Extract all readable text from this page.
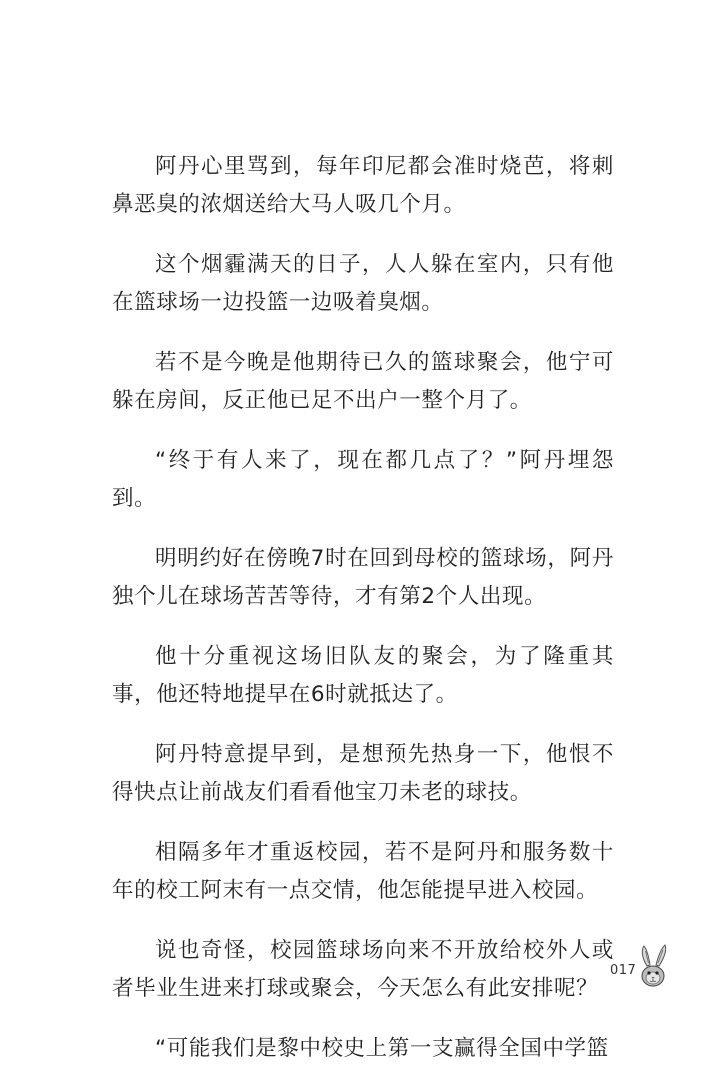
阿丹心里骂到，每年印尼都会准时烧芭，将刺鼻恶臭的浓烟送给大马人吸几个月。

这个烟霾满天的日子，人人躲在室内，只有他在篮球场一边投篮一边吸着臭烟。

若不是今晚是他期待已久的篮球聚会，他宁可躲在房间，反正他已足不出户一整个月了。

“终于有人来了，现在都几点了？”阿丹埋怨到。

明明约好在傍晚7时在回到母校的篮球场，阿丹独个儿在球场苦苦等待，才有第2个人出现。

他十分重视这场旧队友的聚会，为了隆重其事，他还特地提早在6时就抵达了。

阿丹特意提早到，是想预先热身一下，他恨不得快点让前战友们看看他宝刀未老的球技。

相隔多年才重返校园，若不是阿丹和服务数十年的校工阿末有一点交情，他怎能提早进入校园。

说也奇怪，校园篮球场向来不开放给校外人或者毕业生进来打球或聚会，今天怎么有此安排呢？

“可能我们是黎中校史上第一支赢得全国中学篮

017
